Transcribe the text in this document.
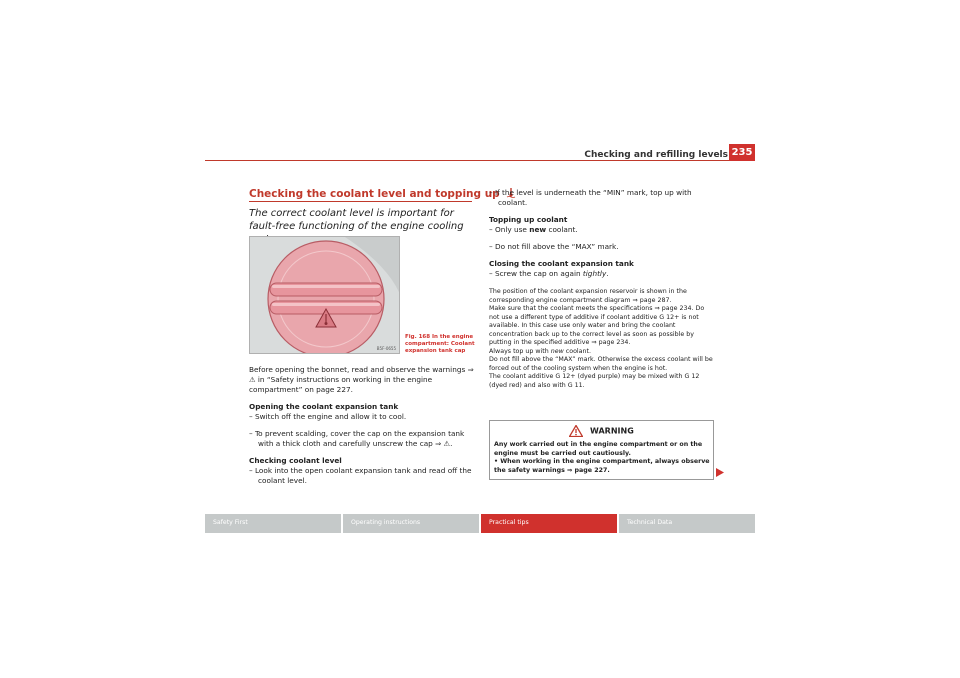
Checking and refilling levels 235
Checking the coolant level and topping up
The correct coolant level is important for fault-free functioning of the engine cooling
B5F-0655
Fig. 168 In the engine compartment: Coolant expansion tank cap

Before opening the bonnet, read and observe the warnings ⇒ ⚠ in “Safety instructions on working in the engine compartment” on page 227.

Opening the coolant expansion tank

– Switch off the engine and allow it to cool.

– To prevent scalding, cover the cap on the expansion tank with a thick cloth and carefully unscrew the cap ⇒ ⚠.

Checking coolant level

– Look into the open coolant expansion tank and read off the coolant level.

– If the level is underneath the “MIN” mark, top up with coolant.

Topping up coolant

– Only use new coolant.

– Do not fill above the “MAX” mark.

Closing the coolant expansion tank

– Screw the cap on again tightly.

The position of the coolant expansion reservoir is shown in the corresponding engine compartment diagram ⇒ page 287.

Make sure that the coolant meets the specifications ⇒ page 234. Do not use a different type of additive if coolant additive G 12+ is not available. In this case use only water and bring the coolant concentration back up to the correct level as soon as possible by putting in the specified additive ⇒ page 234.

Always top up with new coolant.

Do not fill above the “MAX” mark. Otherwise the excess coolant will be forced out of the cooling system when the engine is hot.

The coolant additive G 12+ (dyed purple) may be mixed with G 12 (dyed red) and also with G 11.

WARNING

Any work carried out in the engine compartment or on the engine must be carried out cautiously.

• When working in the engine compartment, always observe the safety warnings ⇒ page 227.

Safety First	Operating instructions	Practical tips	Technical Data
